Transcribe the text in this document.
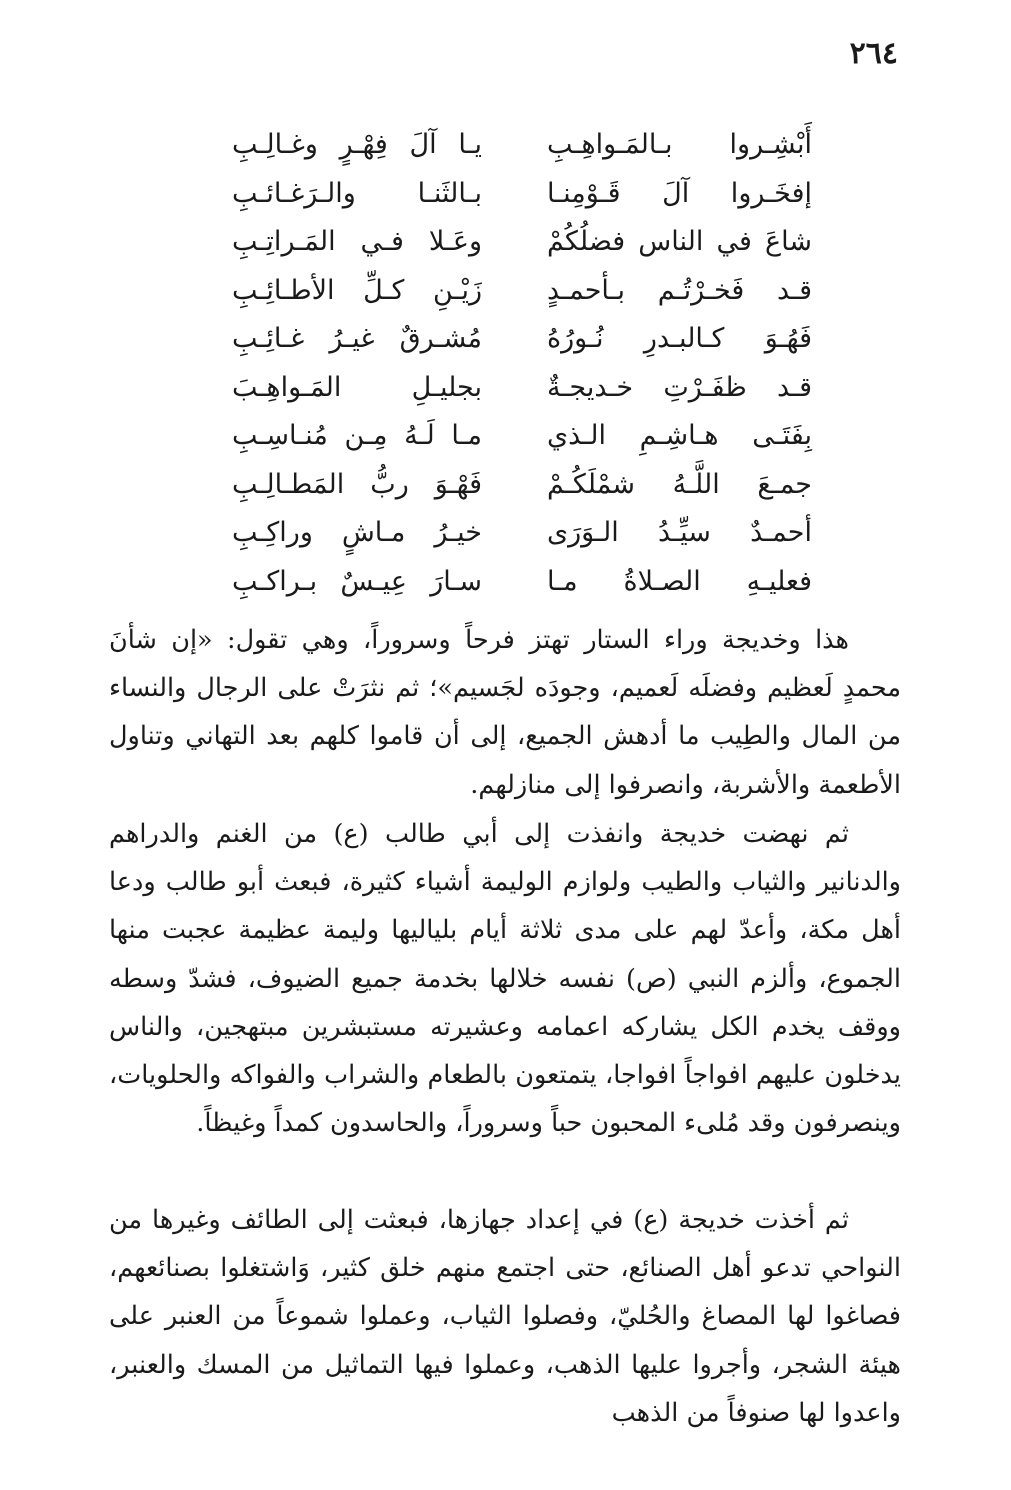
٢٦٤
أَبْشِـروا بـالمَـواهِـبِ
يـا آلَ فِهْـرٍ وغـالِـبِ
إفخَـروا آلَ قَـوْمِنـا
بـالثَنـا والـرَغـائـبِ
شاعَ في الناس فضلُكُمْ
وعَـلا فـي المَـراتِـبِ
قـد فَخـرْتُـم بـأحمـدٍ
زَيْـنِ كـلِّ الأطـائِـبِ
فَهُـوَ كـالبـدرِ نُـورُهُ
مُشـرقٌ غيـرُ غـائِـبِ
قـد ظفَـرْتِ خـديجـةٌ
بجليـلِ المَـواهِـبَ
بِفَتَـى هـاشِـمِ الـذي
مـا لَـهُ مِـن مُنـاسِـبِ
جمـعَ اللَّـهُ شمْلَكُـمْ
فَهْـوَ ربُّ المَطـالِـبِ
أحمـدٌ سيِّـدُ الـوَرَى
خيـرُ مـاشٍ وراكِـبِ
فعليـهِ الصـلاةُ مـا
سـارَ عِيـسٌ بـراكـبِ

هذا وخديجة وراء الستار تهتز فرحاً وسروراً، وهي تقول: «إن شأنَ محمدٍ لَعظيم وفضلَه لَعميم، وجودَه لجَسيم»؛ ثم نثرَتْ على الرجال والنساء من المال والطِيب ما أدهش الجميع، إلى أن قاموا كلهم بعد التهاني وتناول الأطعمة والأشربة، وانصرفوا إلى منازلهم.

ثم نهضت خديجة وانفذت إلى أبي طالب (ع) من الغنم والدراهم والدنانير والثياب والطيب ولوازم الوليمة أشياء كثيرة، فبعث أبو طالب ودعا أهل مكة، وأعدّ لهم على مدى ثلاثة أيام بلياليها وليمة عظيمة عجبت منها الجموع، وألزم النبي (ص) نفسه خلالها بخدمة جميع الضيوف، فشدّ وسطه ووقف يخدم الكل يشاركه اعمامه وعشيرته مستبشرين مبتهجين، والناس يدخلون عليهم افواجاً افواجا، يتمتعون بالطعام والشراب والفواكه والحلويات، وينصرفون وقد مُلىء المحبون حباً وسروراً، والحاسدون كمداً وغيظاً.

ثم أخذت خديجة (ع) في إعداد جهازها، فبعثت إلى الطائف وغيرها من النواحي تدعو أهل الصنائع، حتى اجتمع منهم خلق كثير، وَاشتغلوا بصنائعهم، فصاغوا لها المصاغ والحُليّ، وفصلوا الثياب، وعملوا شموعاً من العنبر على هيئة الشجر، وأجروا عليها الذهب، وعملوا فيها التماثيل من المسك والعنبر، واعدوا لها صنوفاً من الذهب
